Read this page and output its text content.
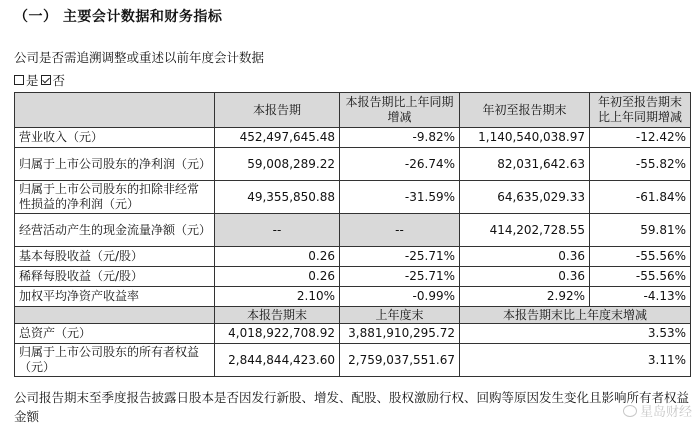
（一） 主要会计数据和财务指标
公司是否需追溯调整或重述以前年度会计数据
是 否
	本报告期	本报告期比上年同期增减	年初至报告期末	年初至报告期末比上年同期增减
营业收入（元）	452,497,645.48	-9.82%	1,140,540,038.97	-12.42%
归属于上市公司股东的净利润（元）	59,008,289.22	-26.74%	82,031,642.63	-55.82%
归属于上市公司股东的扣除非经常性损益的净利润（元）	49,355,850.88	-31.59%	64,635,029.33	-61.84%
经营活动产生的现金流量净额（元）	--	--	414,202,728.55	59.81%
基本每股收益（元/股）	0.26	-25.71%	0.36	-55.56%
稀释每股收益（元/股）	0.26	-25.71%	0.36	-55.56%
加权平均净资产收益率	2.10%	-0.99%	2.92%	-4.13%
	本报告期末	上年度末	本报告期末比上年度末增减	
总资产（元）	4,018,922,708.92	3,881,910,295.72	3.53%	
归属于上市公司股东的所有者权益（元）	2,844,844,423.60	2,759,037,551.67	3.11%	
公司报告期末至季度报告披露日股本是否因发行新股、增发、配股、股权激励行权、回购等原因发生变化且影响所有者权益金额	星岛财经
